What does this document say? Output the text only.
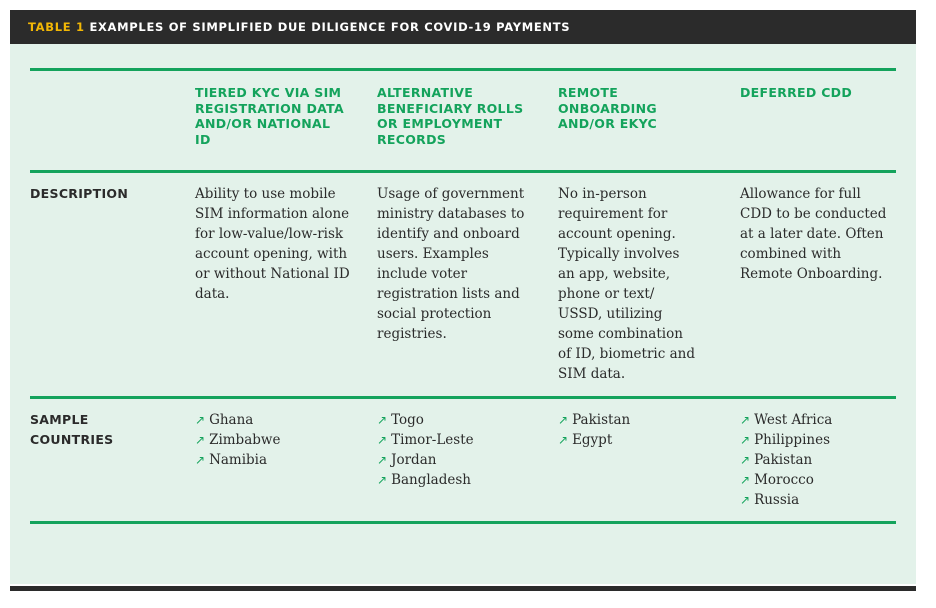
TABLE 1
EXAMPLES OF SIMPLIFIED DUE DILIGENCE FOR COVID-19 PAYMENTS
TIERED KYC VIA SIM REGISTRATION DATA AND/OR NATIONAL ID
ALTERNATIVE BENEFICIARY ROLLS OR EMPLOYMENT RECORDS
REMOTE ONBOARDING AND/OR EKYC
DEFERRED CDD
DESCRIPTION	Ability to use mobile SIM information alone for low-value/low-risk account opening, with or without National ID data.
Usage of government ministry databases to identify and onboard users. Examples include voter registration lists and social protection registries.
No in-person requirement for account opening. Typically involves an app, website, phone or text/ USSD, utilizing some combination of ID, biometric and SIM data.
Allowance for full CDD to be conducted at a later date. Often combined with Remote Onboarding.
SAMPLE COUNTRIES
↗ Ghana
↗ Zimbabwe
↗ Namibia
↗ Togo
↗ Timor-Leste
↗ Jordan
↗ Bangladesh
↗ Pakistan
↗ Egypt
↗ West Africa
↗ Philippines
↗ Pakistan
↗ Morocco
↗ Russia
